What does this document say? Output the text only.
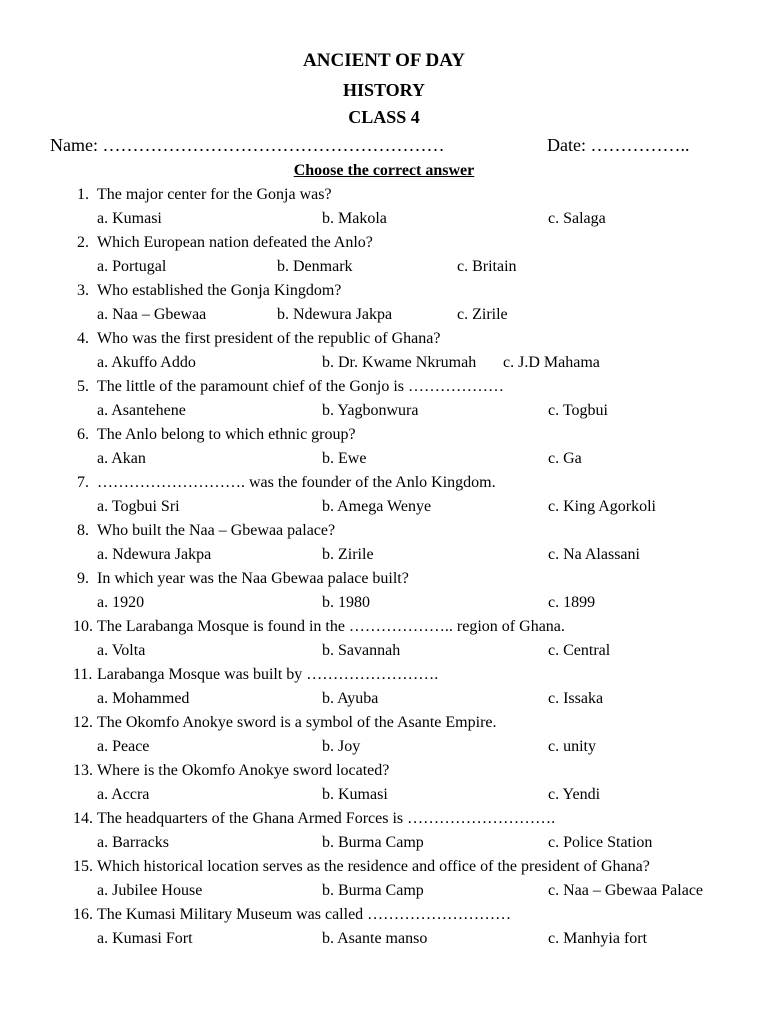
ANCIENT OF DAY
HISTORY
CLASS 4
Name: …………………………………………………	Date: ……………..
Choose the correct answer
1. The major center for the Gonja was?
a. Kumasi	b. Makola	c. Salaga
2. Which European nation defeated the Anlo?
a. Portugal	b. Denmark	c. Britain
3. Who established the Gonja Kingdom?
a. Naa – Gbewaa	b. Ndewura Jakpa	c. Zirile
4. Who was the first president of the republic of Ghana?
a. Akuffo Addo	b. Dr. Kwame Nkrumah c. J.D Mahama
5. The little of the paramount chief of the Gonjo is ………………
a. Asantehene	b. Yagbonwura	c. Togbui
6. The Anlo belong to which ethnic group?
a. Akan	b. Ewe	c. Ga
7. ………………………. was the founder of the Anlo Kingdom.
a. Togbui Sri	b. Amega Wenye	c. King Agorkoli
8. Who built the Naa – Gbewaa palace?
a. Ndewura Jakpa	b. Zirile	c. Na Alassani
9. In which year was the Naa Gbewaa palace built?
a. 1920	b. 1980	c. 1899
10. The Larabanga Mosque is found in the ……………….. region of Ghana.
a. Volta	b. Savannah	c. Central
11. Larabanga Mosque was built by …………………….
a. Mohammed	b. Ayuba	c. Issaka
12. The Okomfo Anokye sword is a symbol of the Asante Empire.
a. Peace	b. Joy	c. unity
13. Where is the Okomfo Anokye sword located?
a. Accra	b. Kumasi	c. Yendi
14. The headquarters of the Ghana Armed Forces is ……………………….
a. Barracks	b. Burma Camp	c. Police Station
15. Which historical location serves as the residence and office of the president of Ghana?
a. Jubilee House	b. Burma Camp	c. Naa – Gbewaa Palace
16. The Kumasi Military Museum was called ………………………
a. Kumasi Fort	b. Asante manso	c. Manhyia fort
